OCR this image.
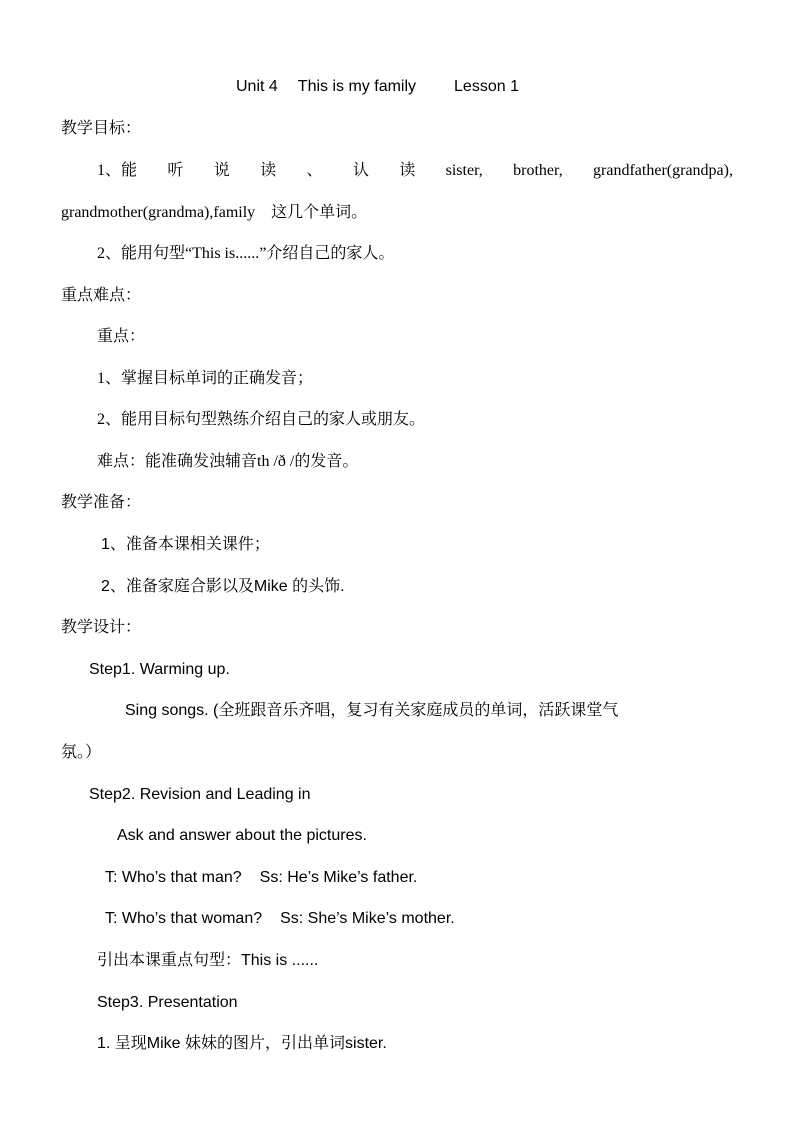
Unit 4 This is my family Lesson 1
教学目标：
1、能 听 说 读 、 认 读 sister, brother, grandfather(grandpa),
grandmother(grandma),family　这几个单词。
2、能用句型“This is......”介绍自己的家人。
重点难点：
重点：
1、掌握目标单词的正确发音；
2、能用目标句型熟练介绍自己的家人或朋友。
难点：能准确发浊辅音th /ð /的发音。
教学准备：
1、准备本课相关课件；
2、准备家庭合影以及Mike 的头饰.
教学设计：
Step1. Warming up.
Sing songs. (全班跟音乐齐唱，复习有关家庭成员的单词，活跃课堂气
氛。）
Step2. Revision and Leading in
Ask and answer about the pictures.
T: Who’s that man? Ss: He’s Mike’s father.
T: Who’s that woman? Ss: She’s Mike’s mother.
引出本课重点句型：This is ......
Step3. Presentation
1. 呈现Mike 妹妹的图片，引出单词sister.
